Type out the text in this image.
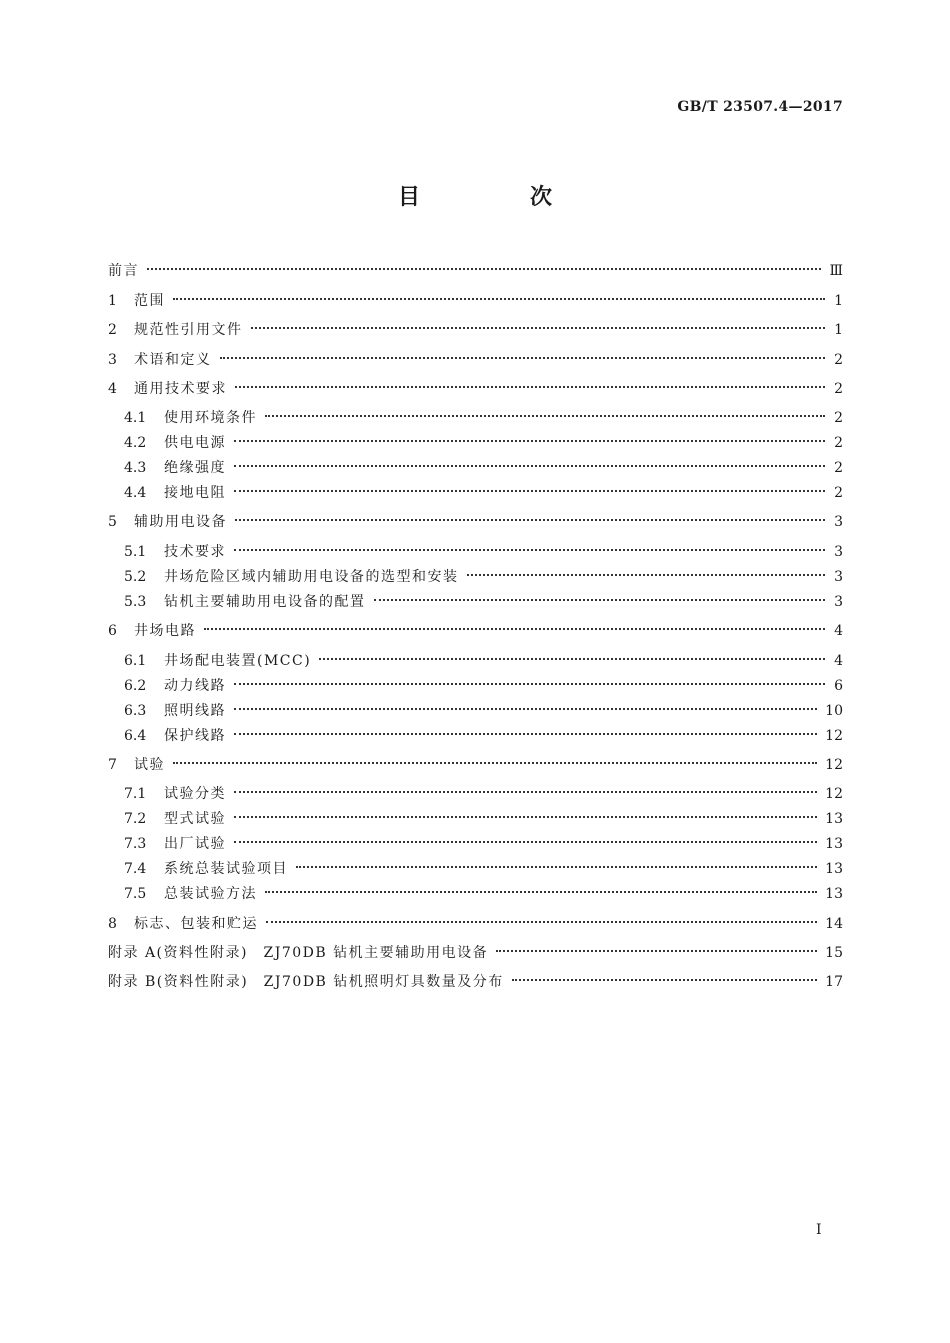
GB/T 23507.4—2017
目　次
前言	Ⅲ
1	范围	1
2	规范性引用文件	1
3	术语和定义	2
4	通用技术要求	2
4.1	使用环境条件	2
4.2	供电电源	2
4.3	绝缘强度	2
4.4	接地电阻	2
5	辅助用电设备	3
5.1	技术要求	3
5.2	井场危险区域内辅助用电设备的选型和安装	3
5.3	钻机主要辅助用电设备的配置	3
6	井场电路	4
6.1	井场配电装置(MCC)	4
6.2	动力线路	6
6.3	照明线路	10
6.4	保护线路	12
7	试验	12
7.1	试验分类	12
7.2	型式试验	13
7.3	出厂试验	13
7.4	系统总装试验项目	13
7.5	总装试验方法	13
8	标志、包装和贮运	14
附录 A(资料性附录)　ZJ70DB 钻机主要辅助用电设备	15
附录 B(资料性附录)　ZJ70DB 钻机照明灯具数量及分布	17
I
